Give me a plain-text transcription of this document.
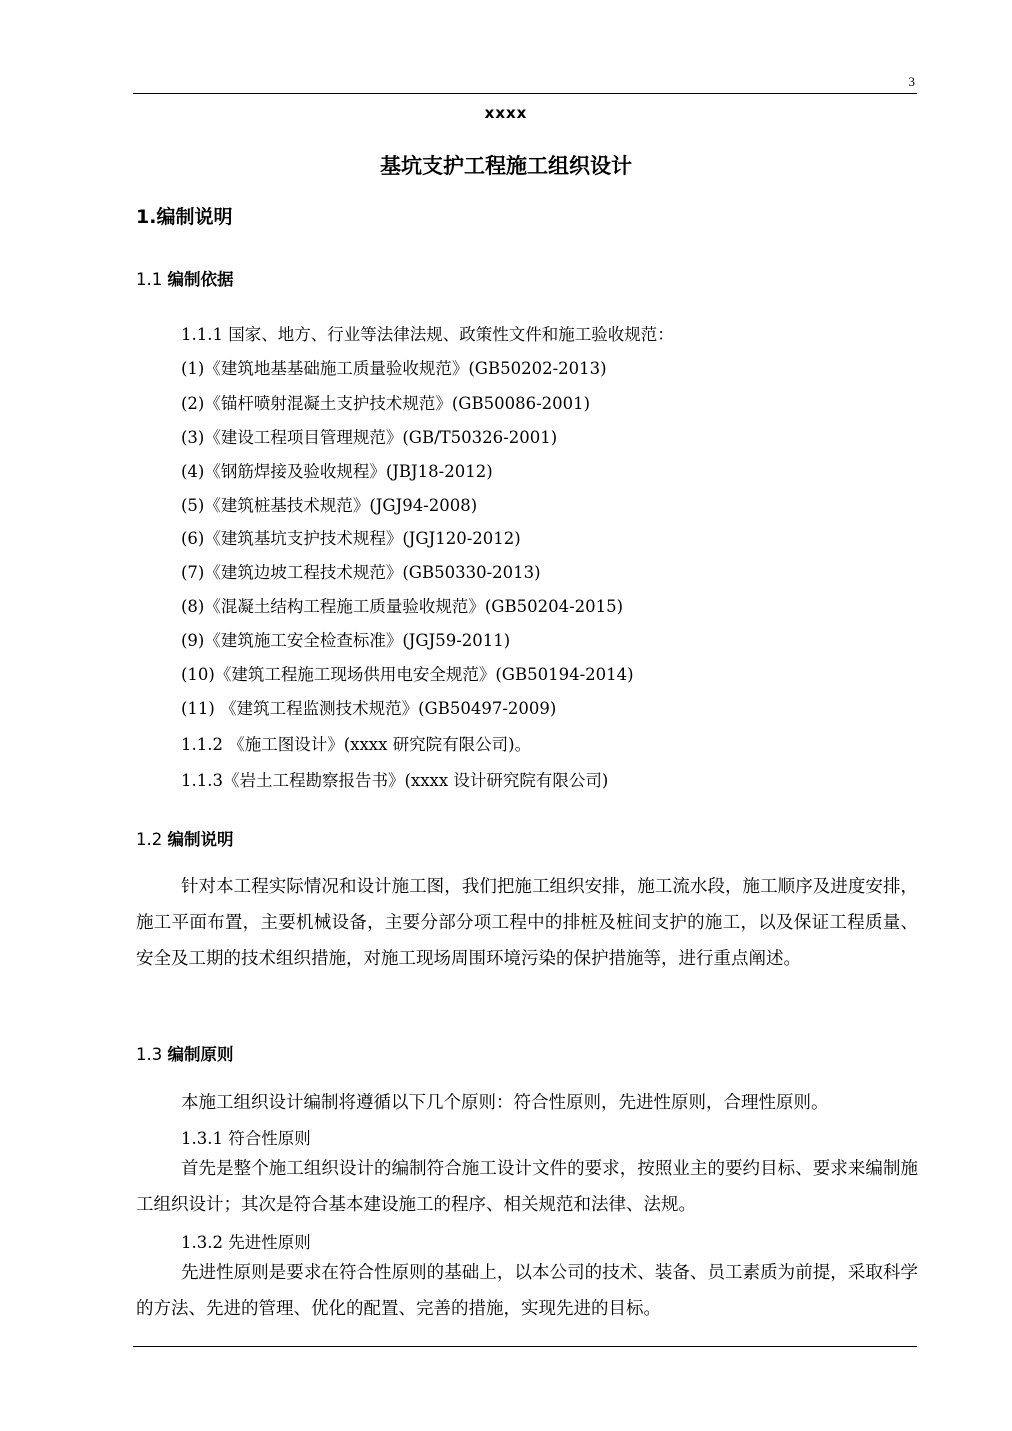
3
xxxx
基坑支护工程施工组织设计
1.编制说明
1.1 编制依据
1.1.1 国家、地方、行业等法律法规、政策性文件和施工验收规范：
(1)《建筑地基基础施工质量验收规范》(GB50202-2013)
(2)《锚杆喷射混凝土支护技术规范》(GB50086-2001)
(3)《建设工程项目管理规范》(GB/T50326-2001)
(4)《钢筋焊接及验收规程》(JBJ18-2012)
(5)《建筑桩基技术规范》(JGJ94-2008)
(6)《建筑基坑支护技术规程》(JGJ120-2012)
(7)《建筑边坡工程技术规范》(GB50330-2013)
(8)《混凝土结构工程施工质量验收规范》(GB50204-2015)
(9)《建筑施工安全检查标准》(JGJ59-2011)
(10)《建筑工程施工现场供用电安全规范》(GB50194-2014)
(11) 《建筑工程监测技术规范》(GB50497-2009)
1.1.2 《施工图设计》(xxxx 研究院有限公司)。
1.1.3《岩土工程勘察报告书》(xxxx 设计研究院有限公司)
1.2 编制说明
针对本工程实际情况和设计施工图，我们把施工组织安排，施工流水段，施工顺序及进度安排，施工平面布置，主要机械设备，主要分部分项工程中的排桩及桩间支护的施工，以及保证工程质量、安全及工期的技术组织措施，对施工现场周围环境污染的保护措施等，进行重点阐述。
1.3 编制原则
本施工组织设计编制将遵循以下几个原则：符合性原则，先进性原则，合理性原则。
1.3.1 符合性原则
首先是整个施工组织设计的编制符合施工设计文件的要求，按照业主的要约目标、要求来编制施工组织设计；其次是符合基本建设施工的程序、相关规范和法律、法规。
1.3.2 先进性原则
先进性原则是要求在符合性原则的基础上，以本公司的技术、装备、员工素质为前提，采取科学的方法、先进的管理、优化的配置、完善的措施，实现先进的目标。
